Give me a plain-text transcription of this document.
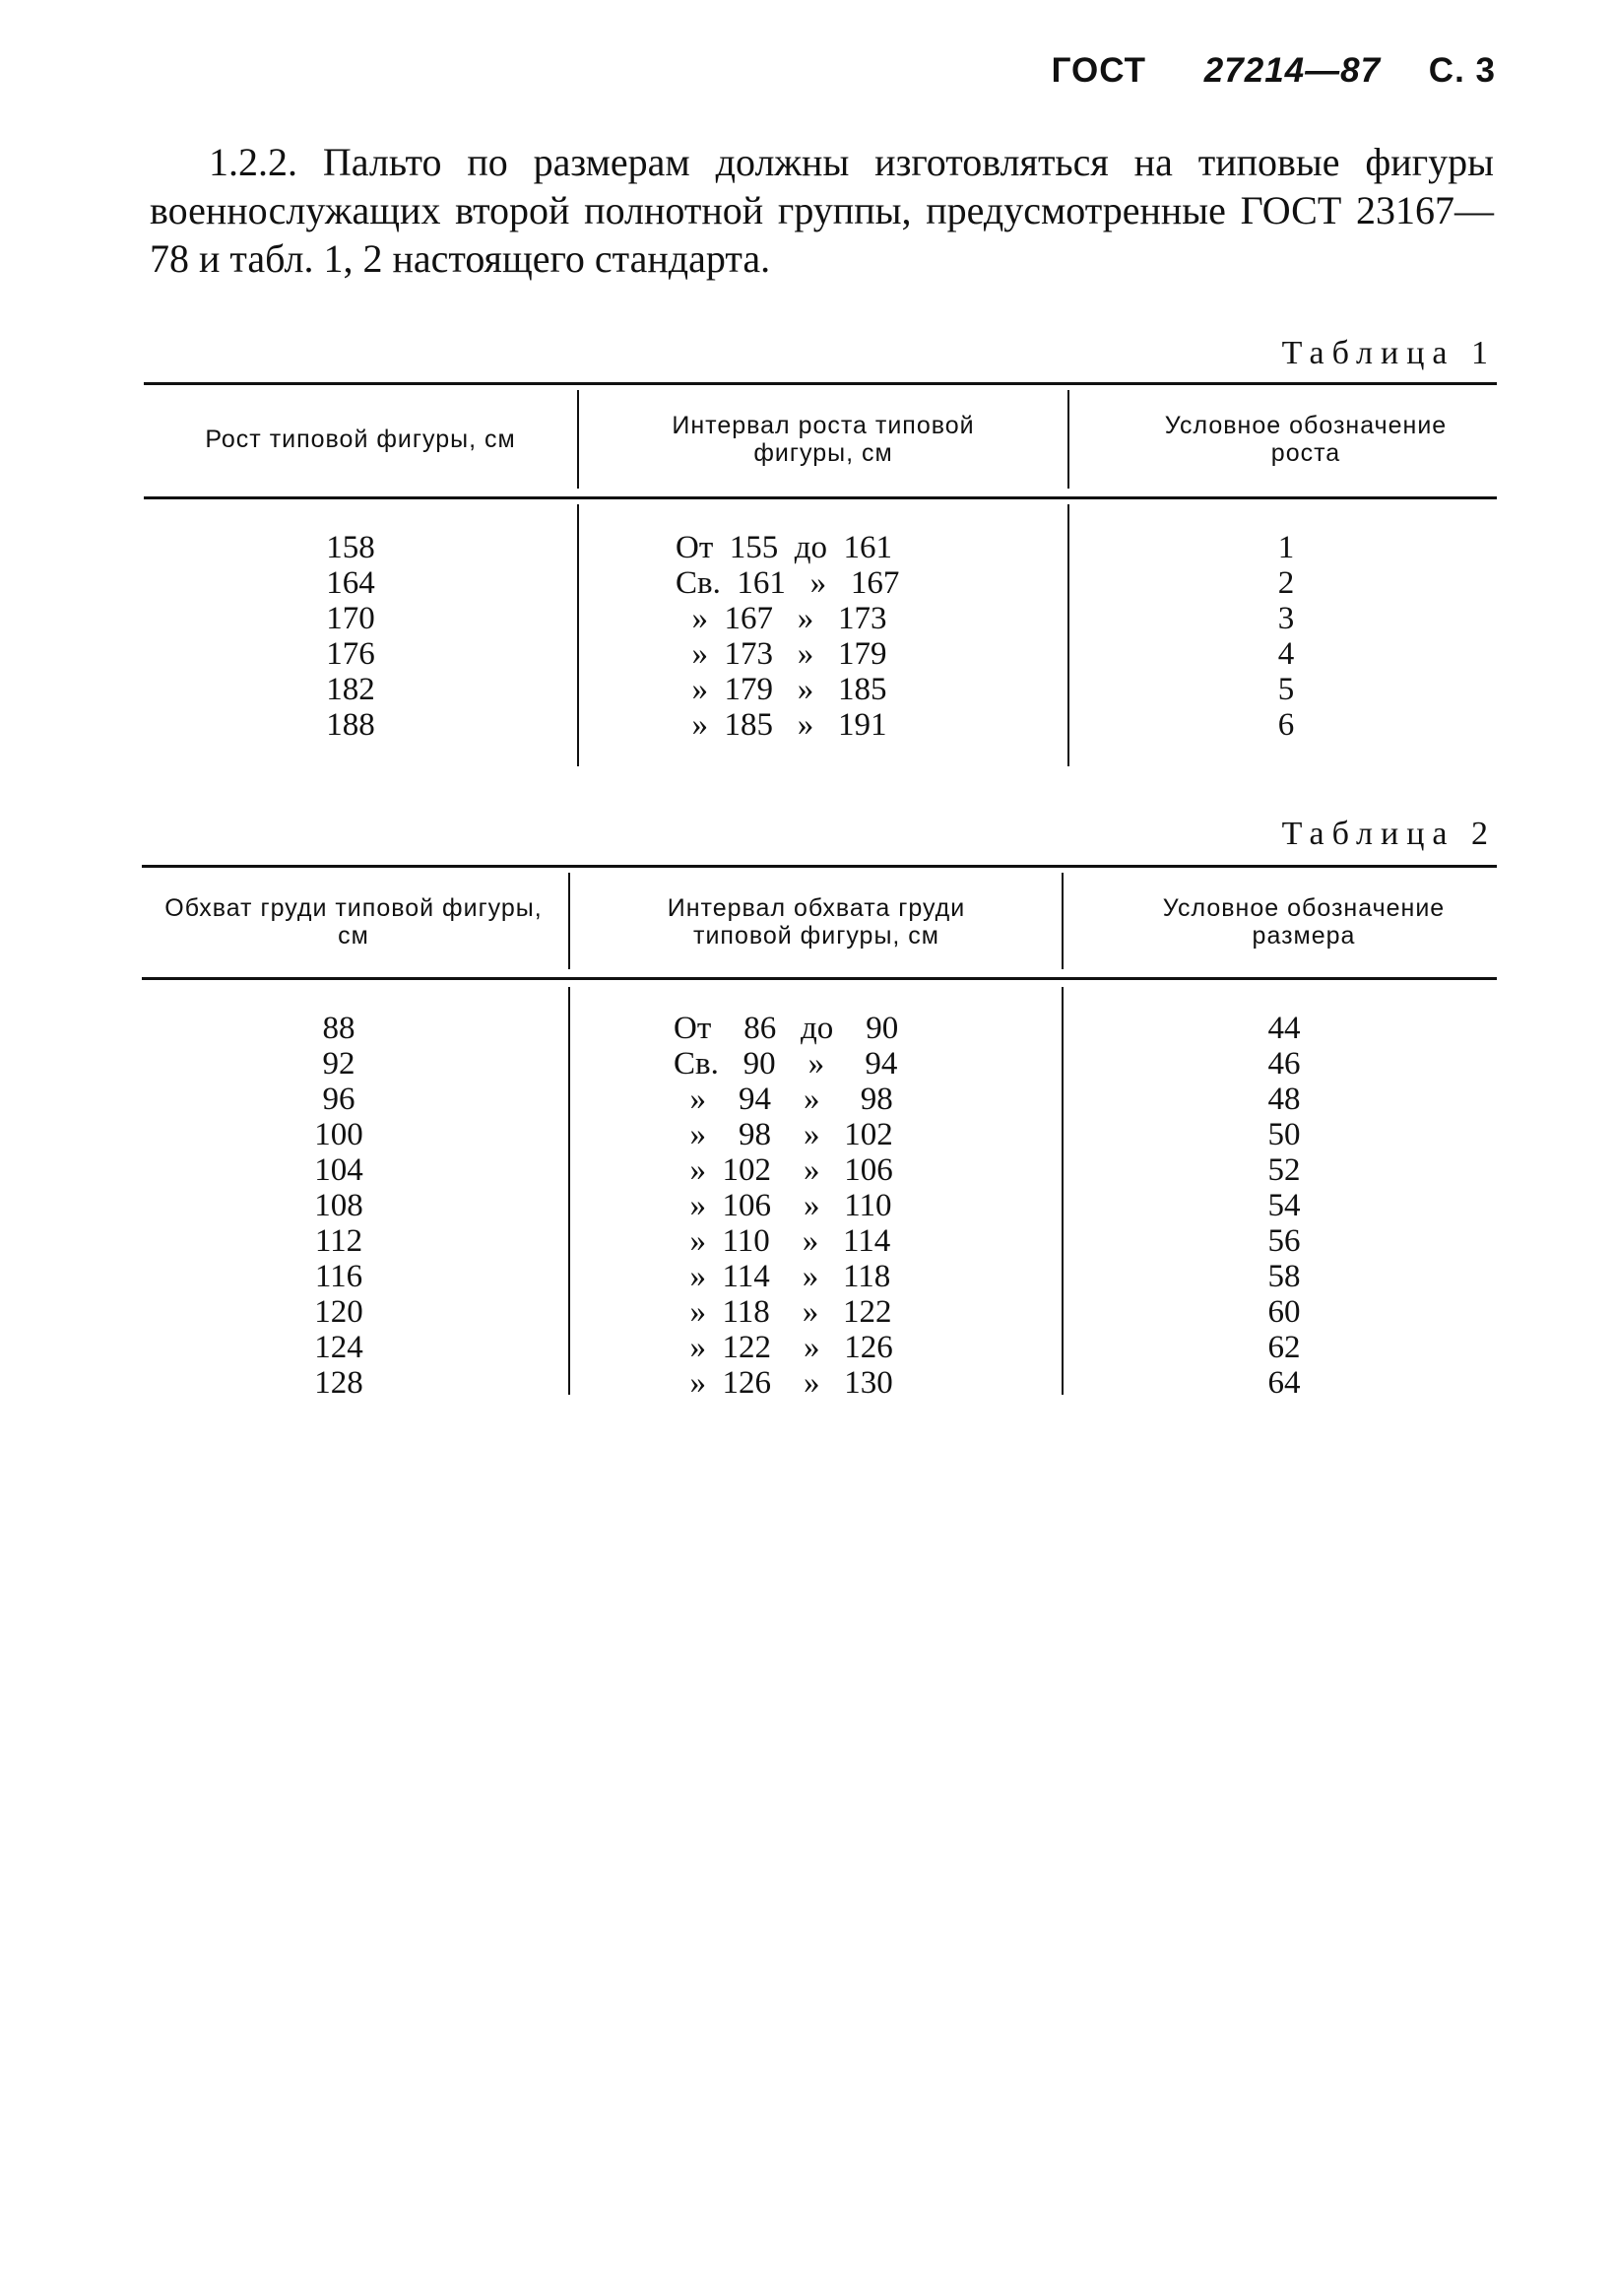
ГОСТ 27214—87 С. 3
1.2.2. Пальто по размерам должны изготовляться на типовые фигуры военнослужащих второй полнотной группы, предусмотренные ГОСТ 23167—78 и табл. 1, 2 настоящего стандарта.
Таблица 1
Рост типовой фигуры, см	Интервал роста типовой фигуры, см
Условное обозначение роста
158
164
170
176
182
188
От  155  до  161
Св.  161   »   167
»  167   »   173
»  173   »   179
»  179   »   185
»  185   »   191
1
2
3
4
5
6
Таблица 2
Обхват груди типовой фигуры, см
Интервал обхвата груди типовой фигуры, см
Условное обозначение размера
88
92
96
100
104
108
112
116
120
124
128
От    86   до    90
Св.   90    »     94
»    94    »     98
»    98    »   102
»  102    »   106
»  106    »   110
»  110    »   114
»  114    »   118
»  118    »   122
»  122    »   126
»  126    »   130
44
46
48
50
52
54
56
58
60
62
64
